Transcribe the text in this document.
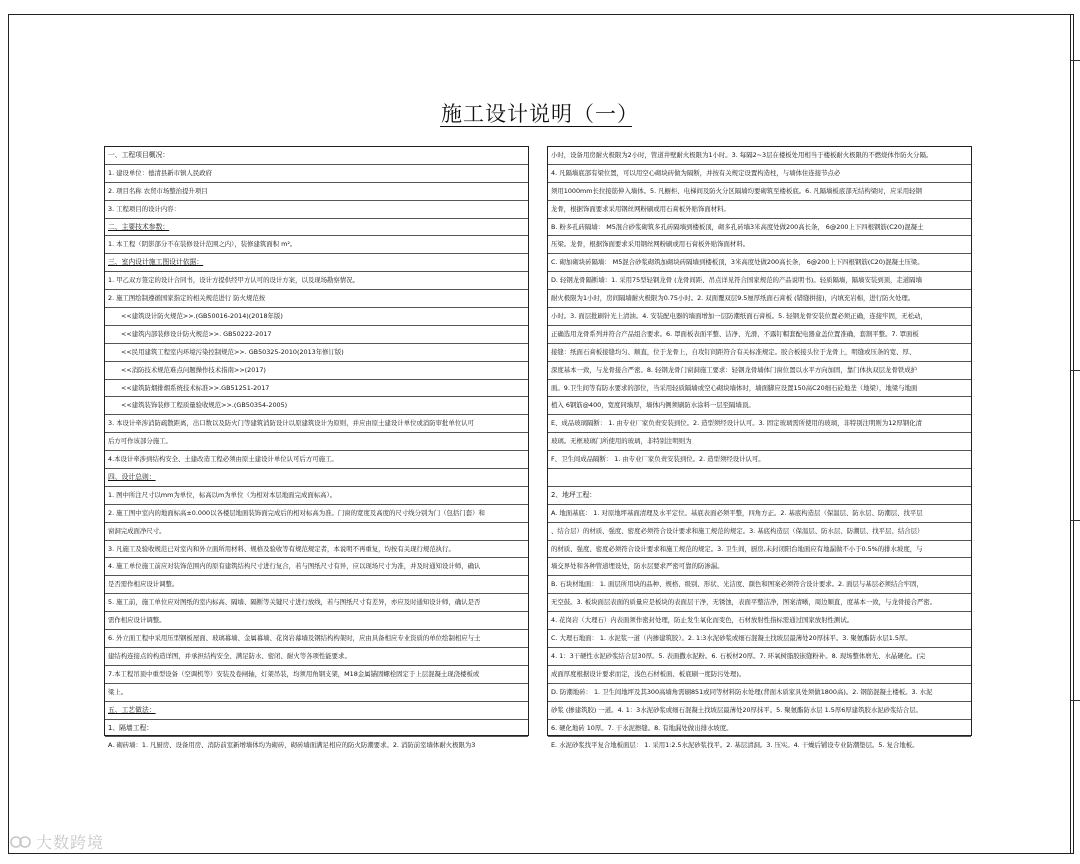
施工设计说明（一）
一、工程项目概况：
1. 建设单位：德清县新市镇人民政府
2. 项目名称 农贸市场整治提升项目
3. 工程项目的设计内容：
二、主要技术参数：
1. 本工程（阴影部分不在装修设计范围之内），装修建筑面积 m²。
三、室内设计施工图设计依据：
1. 甲乙双方签定的设计合同书，设计方提供经甲方认可的设计方案，以及现场勘察情况。
2. 施工图绘制遵循国家指定的相关规范进行 防火规范按
<<建筑设计防火规范>>.(GB50016-2014)(2018年版)
<<建筑内部装修设计防火规范>>. GB50222-2017
<<民用建筑工程室内环境污染控制规范>>. GB50325-2010(2013年修订版)
<<消防技术规范难点问题操作技术指南>>(2017)
<<建筑防烟排烟系统技术标准>>.GB51251-2017
<<建筑装饰装修工程质量验收规范>>.(GB50354-2005)
3. 本设计牵涉消防疏散距离，出口数以及防火门等建筑消防设计以原建筑设计为原则，并应由原土建设计单位或消防审批单位认可
后方可作该部分施工。
4.本设计牵涉到结构安全、土建改造工程必须由原土建设计单位认可后方可施工。
四、设计总则：
1. 图中所注尺寸以mm为单位，标高以m为单位（为相对本层地面完成面标高）。
2. 施工图中室内的地面标高±0.000以各楼层地面装饰面完成后的相对标高为准。门窗的宽度及高度的尺寸线分别为门（包括门套）和
窗洞完成面净尺寸。
3. 凡施工及验收规范已对室内和外立面所用材料、规格及验收等有规范规定者，本说明不再重复，均按有关现行规范执行。
4. 施工单位施工前应对装饰范围内的原有建筑结构尺寸进行复合，若与图纸尺寸有异，应以现场尺寸为准，并及时通知设计师，确认
是否需作相应设计调整。
5. 施工前，施工单位应对图纸的室内标高、隔墙、隔断等关键尺寸进行放线，若与图纸尺寸有差异，亦应及时通知设计师，确认是否
需作相应设计调整。
6. 外立面工程中采用压型钢板屋面、玻璃幕墙、金属幕墙、花岗岩幕墙及钢结构构架时，应由具备相应专业资质的单位绘制相应与土
建结构连接点的构造详图，并承担结构安全、满足防水、密闭、耐火等各项性能要求。
7.本工程吊顶中重型设备（空调机等）安装及卷闸轴，灯架吊装，均须用角钢支架，M18金属锚固螺栓固定于上层混凝土现浇楼板或
梁上。
五、工艺做法：
1、隔墙工程：
A. 砌砖墙：1. 凡厨房、设备用房、消防前室新增墙体均为砌砖，砌砖墙面满足相应的防火防潮要求。2. 消防前室墙体耐火极限为3
小时，设备用房耐火极限为2小时，管道井壁耐火极限为1小时。3. 每隔2~3层在楼板处用相当于楼板耐火极限的不燃烧体作防火分隔。
4. 凡隔墙底部有梁位置，可以用空心砌块砖做为隔断，并按有关规定设置构造柱，与墙体住连接节点必
须用1000mm长拉接筋伸入墙体。5. 凡橱柜、电梯间及防火分区隔墙均要砌筑至楼板底。6. 凡隔墙板底部无结构梁时，应采用轻钢
龙骨，根据饰面要求采用钢丝网粉刷或用石膏板外贴饰面材料。
B. 粉多孔砖隔墙： M5混合砂浆砌筑多孔砖隔墙到楼板顶，砌多孔砖墙3米高度处做200高长条， 6@200上下四根钢筋(C20)混凝土
压梁。龙骨，根据饰面要求采用钢丝网粉刷或用石膏板外贴饰面材料。
C. 砌加砌块砖隔墙： M5混合砂浆砌筑加砌块砖隔墙到楼板顶，3米高度处做200高长条， 6@200上下四根钢筋(C20)混凝土压梁。
D. 轻钢龙骨隔断墙：1. 采用75型轻钢龙骨 (龙骨间距、吊点详见符合国家规范的产品说明书)。轻质隔墙，隔墙安装到顶，走道隔墙
耐火极限为1小时，房间隔墙耐火极限为0.75小时。2. 双面覆双层9.5厘厚纸面石膏板 (错缝拼接)，内填充岩棉，进行防火处理。
小时。3. 面层批刷针光上清油。4. 安装配电器的墙面增加一层防潮纸面石膏板。5. 轻钢龙骨安装位置必须正确，连接牢固，无松动，
正确选用龙骨系列并符合产品组合要求。6. 罩面板表面平整、洁净、光滑，不露钉帽套配电器盒盖位置准确，套割平整。7. 罩面板
接缝：纸面石膏板接缝均匀、顺直，位于龙骨上，自攻钉间距符合有关标准规定。胶合板接头位于龙骨上，明缝或压条的宽、厚、
深度基本一致，与龙骨接合严密。8. 轻钢龙骨门窗洞施工要求：轻钢龙骨墙体门窗位置以水平方向加固，靠门体执双层龙骨铁成护
面。9.卫生间等有防水要求的部位，当采用轻质隔墙或空心砌块墙体时，墙面脚应设置150高C20细石砼地垄（地梁），地梁与地面
植入 6钢筋@400，宽度同墙厚，墙体内侧须刷防水涂料一层至隔墙顶。
E、成品玻璃隔断： 1. 由专业厂家负责安装到位。2. 造型须经设计认可。3. 固定玻璃需所使用的玻璃，非特别注明则为12厚钢化清
玻璃。无框玻璃门所使用的玻璃，非特别注明则为
F、卫生间成品隔断： 1. 由专业厂家负责安装到位。2. 造型须经设计认可。
2、地坪工程：
A. 地面基底： 1. 对原地坪基面清理及水平定位。基底表面必须平整，四角方正。2. 基底构造层（保温层、防水层、防潮层、找平层
、结合层）的材质、强度、密度必须符合设计要求和施工规范的规定。3. 基底构造层（保温层、防水层、防潮层、找平层、结合层）
的材质、强度、密度必须符合设计要求和施工规范的规定。3. 卫生间，厨房,未封闭阳台地面应有地漏做不小于0.5%的排水坡度，与
墙交界处和各种管道埋设处，防水层要求严密可靠的防渗漏。
B. 石块材地面： 1. 面层所用块的品种、规格、级别、形状、光洁度、颜色和图案必须符合设计要求。2. 面层与基层必须结合牢固，
无空鼓。3. 板块面层表面的质量应是板块的表面层干净，无锈蚀，表面平整洁净，图案清晰，周边顺直，度基本一致，与龙骨接合严密。
4. 花岗岩（大理石）内表面须作密封处理，防止发生氧化而变色，石材放射性指标需通过国家放射性测试。
C. 大理石地面： 1. 水泥浆一道（内掺建筑胶）。2. 1:3水泥砂浆或细石混凝土找坡层最薄处20厚抹平。3. 聚氨酯防水层1.5厚。
4. 1：3干硬性水泥砂浆结合层30厚。5. 表面撒水泥粉。6. 石板材20厚。7. 环氧树脂胶嵌缝粉补。8. 现场整体磨光、水晶硬化。(完
成面厚度根据设计要求而定，浅色石材板面、板底刷一度防污处理)。
D. 防潮地砖： 1. 卫生间地坪及其300高墙角需刷851或同等材料防水处理(背面木质家具处须做1800高)。2. 钢筋混凝土楼板。3. 水泥
砂浆 (掺建筑胶) 一道。4. 1：3水泥砂浆或细石混凝土找坡层最薄处20厚抹平。5. 聚氨酯防水层 1.5厚6厚建筑胶水泥砂浆结合层。
6. 硬化地砖 10厚。7. 干水泥擦缝。8. 有地漏处做出排水坡度。
E. 水泥砂浆找平复合地板面层： 1. 采用1:2.5水泥砂浆找平。2. 基层清洞。3. 压实。4. 干燥后铺设专业防潮垫层。5. 复合地板。
大数跨境
